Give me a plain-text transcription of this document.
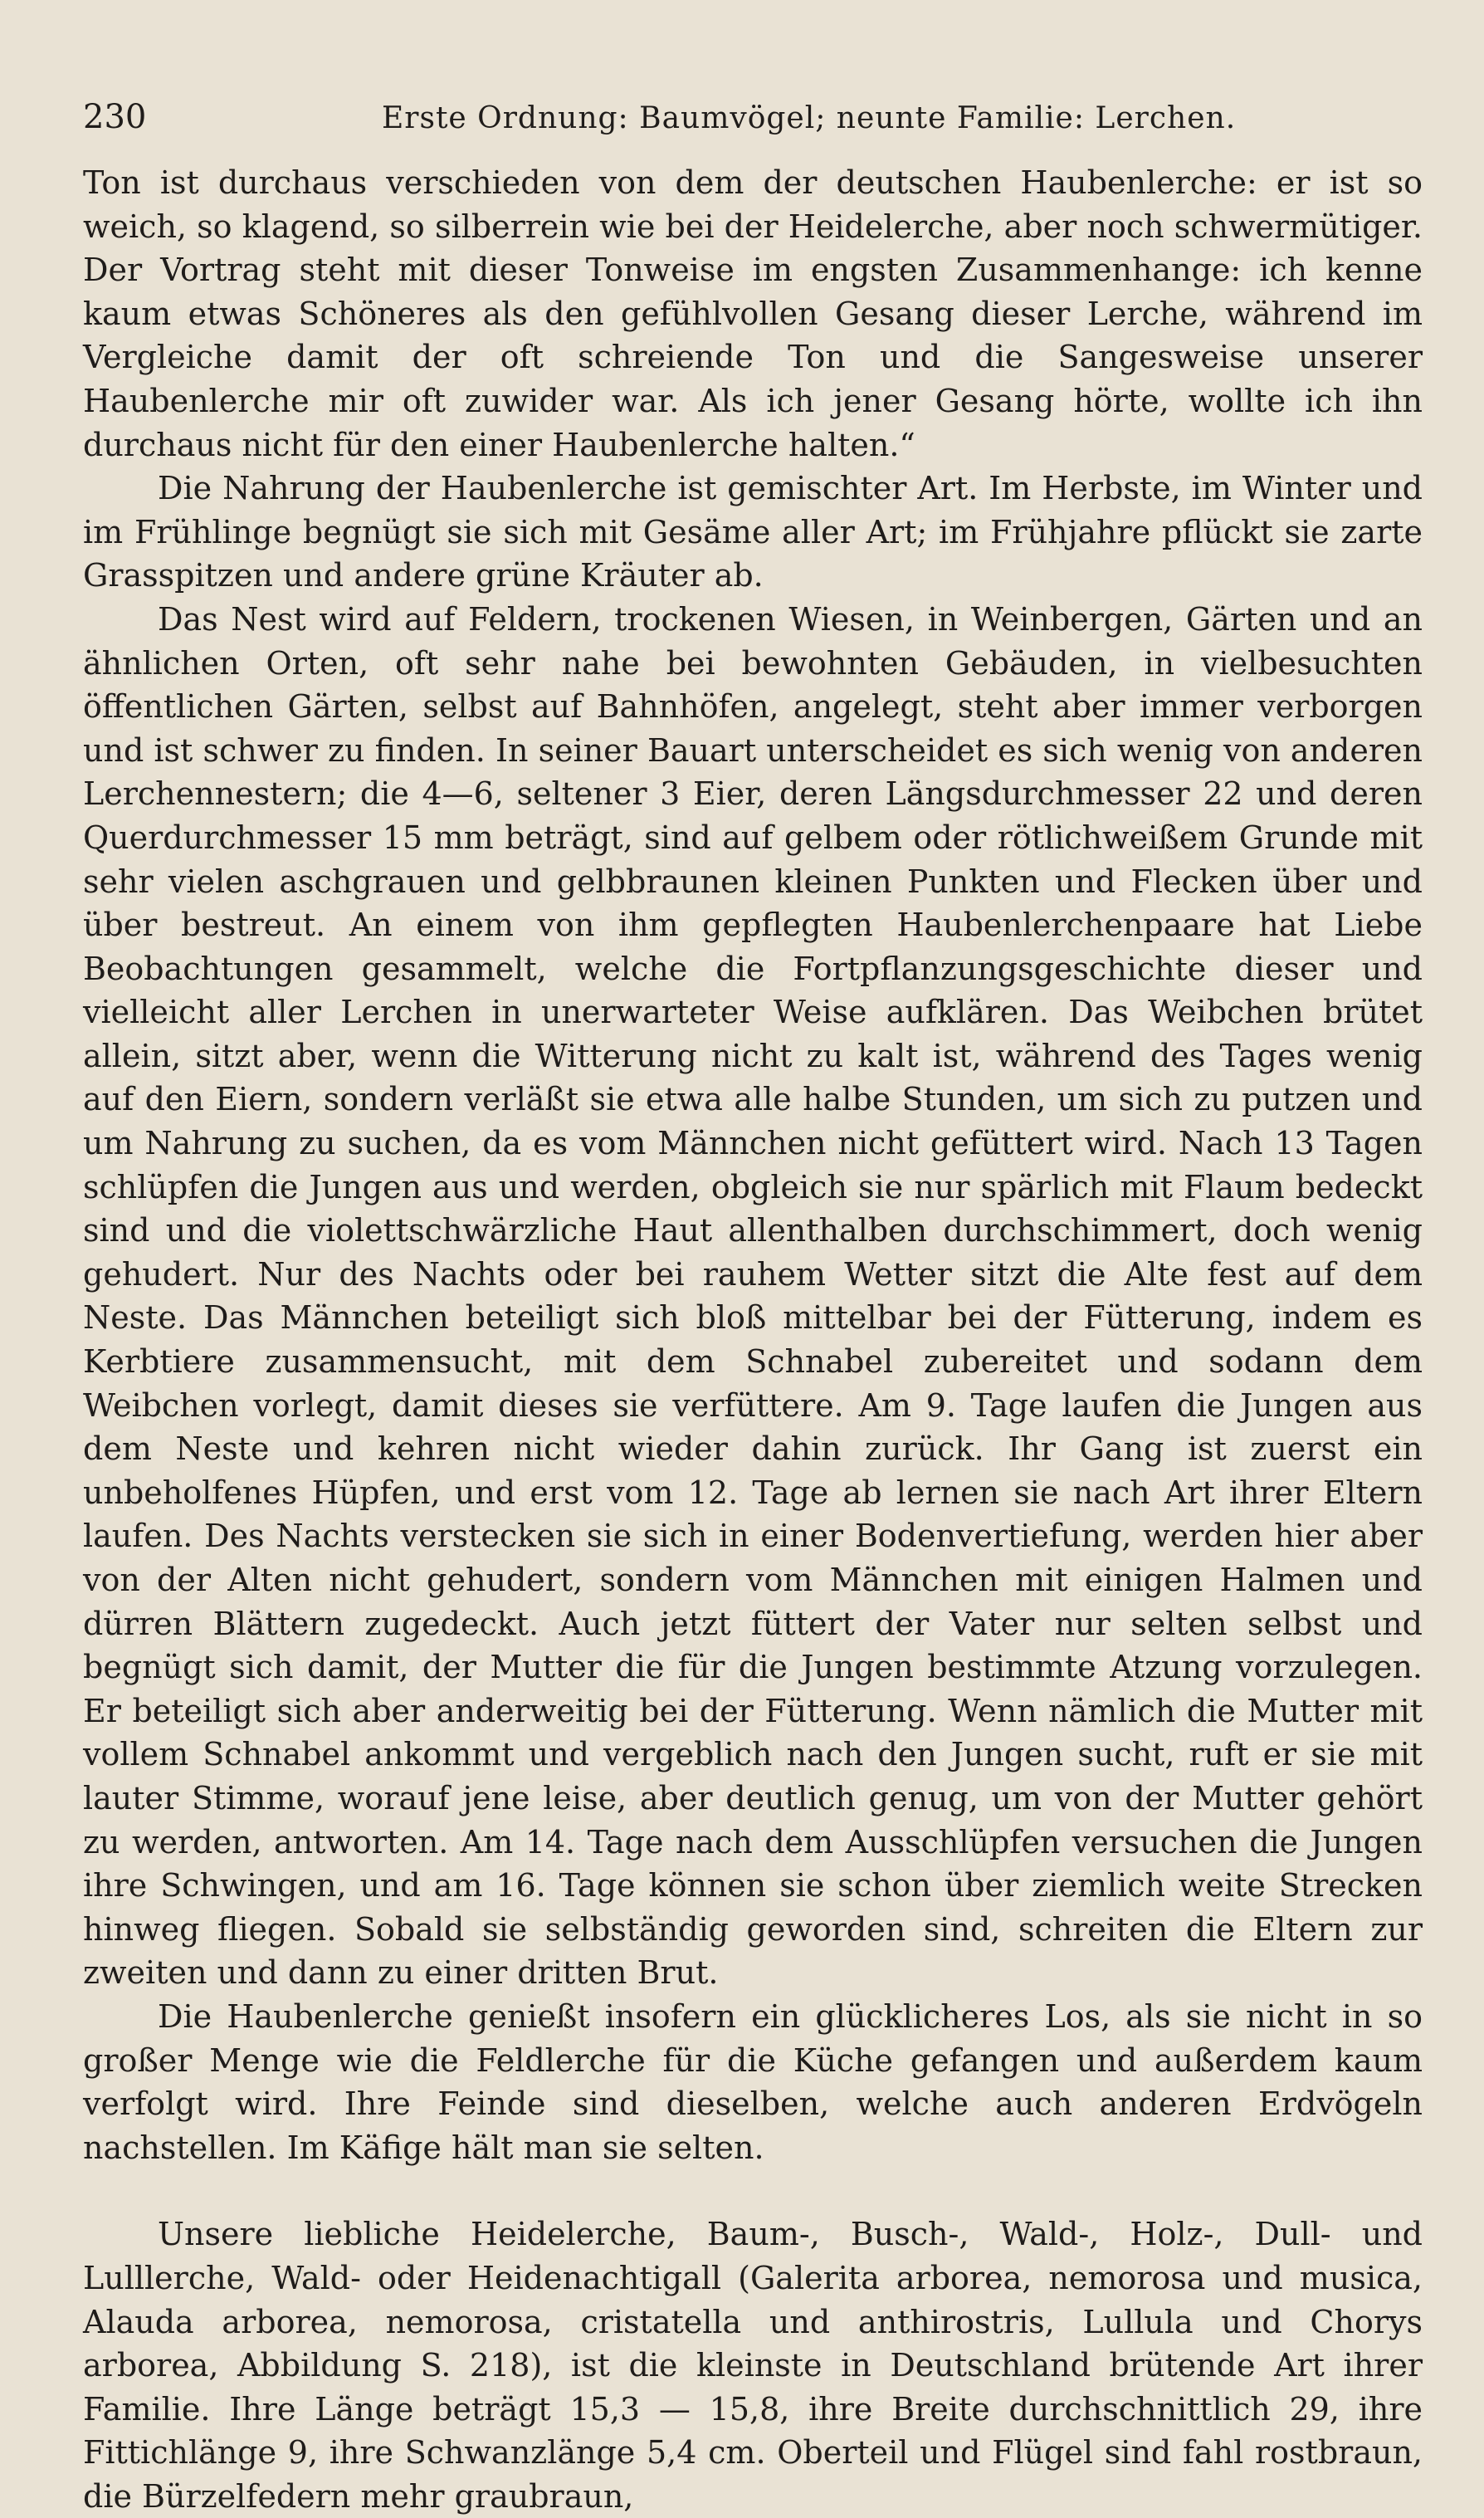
230	Erste Ordnung: Baumvögel; neunte Familie: Lerchen.

Ton ist durchaus verschieden von dem der deutschen Haubenlerche: er ist so weich, so klagend, so silberrein wie bei der Heidelerche, aber noch schwermütiger. Der Vortrag steht mit dieser Tonweise im engsten Zusammenhange: ich kenne kaum etwas Schöneres als den gefühlvollen Gesang dieser Lerche, während im Vergleiche damit der oft schreiende Ton und die Sangesweise unserer Haubenlerche mir oft zuwider war. Als ich jener Gesang hörte, wollte ich ihn durchaus nicht für den einer Haubenlerche halten.“

Die Nahrung der Haubenlerche ist gemischter Art. Im Herbste, im Winter und im Frühlinge begnügt sie sich mit Gesäme aller Art; im Frühjahre pflückt sie zarte Grasspitzen und andere grüne Kräuter ab.

Das Nest wird auf Feldern, trockenen Wiesen, in Weinbergen, Gärten und an ähnlichen Orten, oft sehr nahe bei bewohnten Gebäuden, in vielbesuchten öffentlichen Gärten, selbst auf Bahnhöfen, angelegt, steht aber immer verborgen und ist schwer zu finden. In seiner Bauart unterscheidet es sich wenig von anderen Lerchennestern; die 4—6, seltener 3 Eier, deren Längsdurchmesser 22 und deren Querdurchmesser 15 mm beträgt, sind auf gelbem oder rötlichweißem Grunde mit sehr vielen aschgrauen und gelbbraunen kleinen Punkten und Flecken über und über bestreut. An einem von ihm gepflegten Haubenlerchenpaare hat Liebe Beobachtungen gesammelt, welche die Fortpflanzungsgeschichte dieser und vielleicht aller Lerchen in unerwarteter Weise aufklären. Das Weibchen brütet allein, sitzt aber, wenn die Witterung nicht zu kalt ist, während des Tages wenig auf den Eiern, sondern verläßt sie etwa alle halbe Stunden, um sich zu putzen und um Nahrung zu suchen, da es vom Männchen nicht gefüttert wird. Nach 13 Tagen schlüpfen die Jungen aus und werden, obgleich sie nur spärlich mit Flaum bedeckt sind und die violettschwärzliche Haut allenthalben durchschimmert, doch wenig gehudert. Nur des Nachts oder bei rauhem Wetter sitzt die Alte fest auf dem Neste. Das Männchen beteiligt sich bloß mittelbar bei der Fütterung, indem es Kerbtiere zusammensucht, mit dem Schnabel zubereitet und sodann dem Weibchen vorlegt, damit dieses sie verfüttere. Am 9. Tage laufen die Jungen aus dem Neste und kehren nicht wieder dahin zurück. Ihr Gang ist zuerst ein unbeholfenes Hüpfen, und erst vom 12. Tage ab lernen sie nach Art ihrer Eltern laufen. Des Nachts verstecken sie sich in einer Bodenvertiefung, werden hier aber von der Alten nicht gehudert, sondern vom Männchen mit einigen Halmen und dürren Blättern zugedeckt. Auch jetzt füttert der Vater nur selten selbst und begnügt sich damit, der Mutter die für die Jungen bestimmte Atzung vorzulegen. Er beteiligt sich aber anderweitig bei der Fütterung. Wenn nämlich die Mutter mit vollem Schnabel ankommt und vergeblich nach den Jungen sucht, ruft er sie mit lauter Stimme, worauf jene leise, aber deutlich genug, um von der Mutter gehört zu werden, antworten. Am 14. Tage nach dem Ausschlüpfen versuchen die Jungen ihre Schwingen, und am 16. Tage können sie schon über ziemlich weite Strecken hinweg fliegen. Sobald sie selbständig geworden sind, schreiten die Eltern zur zweiten und dann zu einer dritten Brut.

Die Haubenlerche genießt insofern ein glücklicheres Los, als sie nicht in so großer Menge wie die Feldlerche für die Küche gefangen und außerdem kaum verfolgt wird. Ihre Feinde sind dieselben, welche auch anderen Erdvögeln nachstellen. Im Käfige hält man sie selten.

Unsere liebliche Heidelerche, Baum-, Busch-, Wald-, Holz-, Dull- und Lulllerche, Wald- oder Heidenachtigall (Galerita arborea, nemorosa und musica, Alauda arborea, nemorosa, cristatella und anthirostris, Lullula und Chorys arborea, Abbildung S. 218), ist die kleinste in Deutschland brütende Art ihrer Familie. Ihre Länge beträgt 15,3 — 15,8, ihre Breite durchschnittlich 29, ihre Fittichlänge 9, ihre Schwanzlänge 5,4 cm. Oberteil und Flügel sind fahl rostbraun, die Bürzelfedern mehr graubraun,
